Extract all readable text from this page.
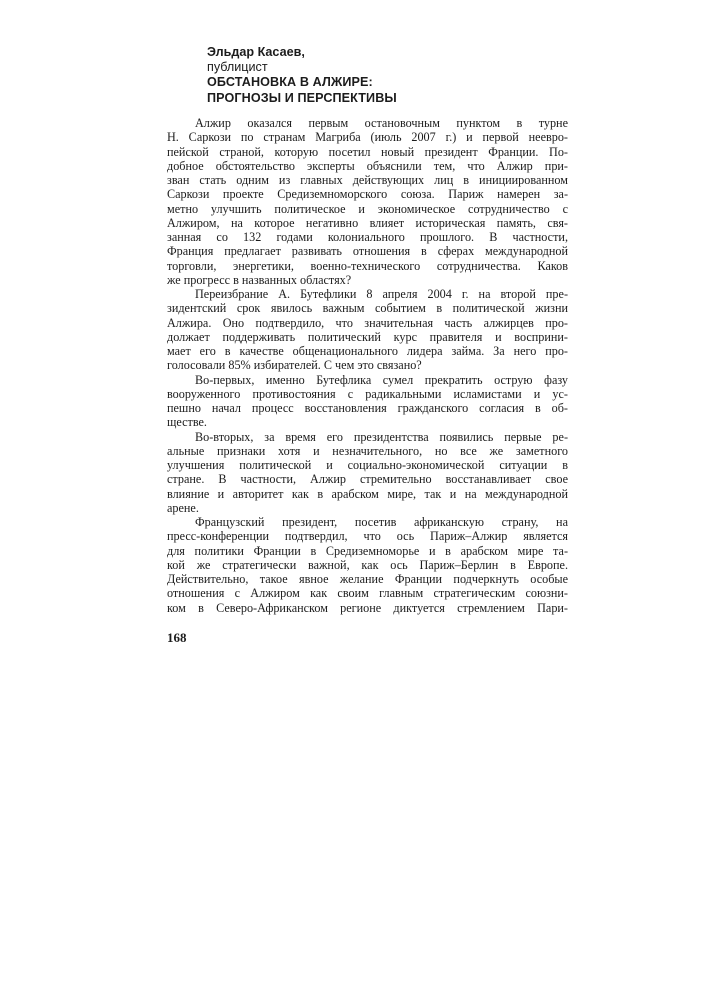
Эльдар Касаев,
публицист
ОБСТАНОВКА В АЛЖИРЕ:
ПРОГНОЗЫ И ПЕРСПЕКТИВЫ
Алжир оказался первым остановочным пунктом в турне
Н. Саркози по странам Магриба (июль 2007 г.) и первой неевро-
пейской страной, которую посетил новый президент Франции. По-
добное обстоятельство эксперты объяснили тем, что Алжир при-
зван стать одним из главных действующих лиц в инициированном
Саркози проекте Средиземноморского союза. Париж намерен за-
метно улучшить политическое и экономическое сотрудничество с
Алжиром, на которое негативно влияет историческая память, свя-
занная со 132 годами колониального прошлого. В частности,
Франция предлагает развивать отношения в сферах международной
торговли, энергетики, военно-технического сотрудничества. Каков
же прогресс в названных областях?
Переизбрание А. Бутефлики 8 апреля 2004 г. на второй пре-
зидентский срок явилось важным событием в политической жизни
Алжира. Оно подтвердило, что значительная часть алжирцев про-
должает поддерживать политический курс правителя и восприни-
мает его в качестве общенационального лидера займа. За него про-
голосовали 85% избирателей. С чем это связано?
Во-первых, именно Бутефлика сумел прекратить острую фазу
вооруженного противостояния с радикальными исламистами и ус-
пешно начал процесс восстановления гражданского согласия в об-
ществе.
Во-вторых, за время его президентства появились первые ре-
альные признаки хотя и незначительного, но все же заметного
улучшения политической и социально-экономической ситуации в
стране. В частности, Алжир стремительно восстанавливает свое
влияние и авторитет как в арабском мире, так и на международной
арене.
Французский президент, посетив африканскую страну, на
пресс-конференции подтвердил, что ось Париж–Алжир является
для политики Франции в Средиземноморье и в арабском мире та-
кой же стратегически важной, как ось Париж–Берлин в Европе.
Действительно, такое явное желание Франции подчеркнуть особые
отношения с Алжиром как своим главным стратегическим союзни-
ком в Северо-Африканском регионе диктуется стремлением Пари-
168
